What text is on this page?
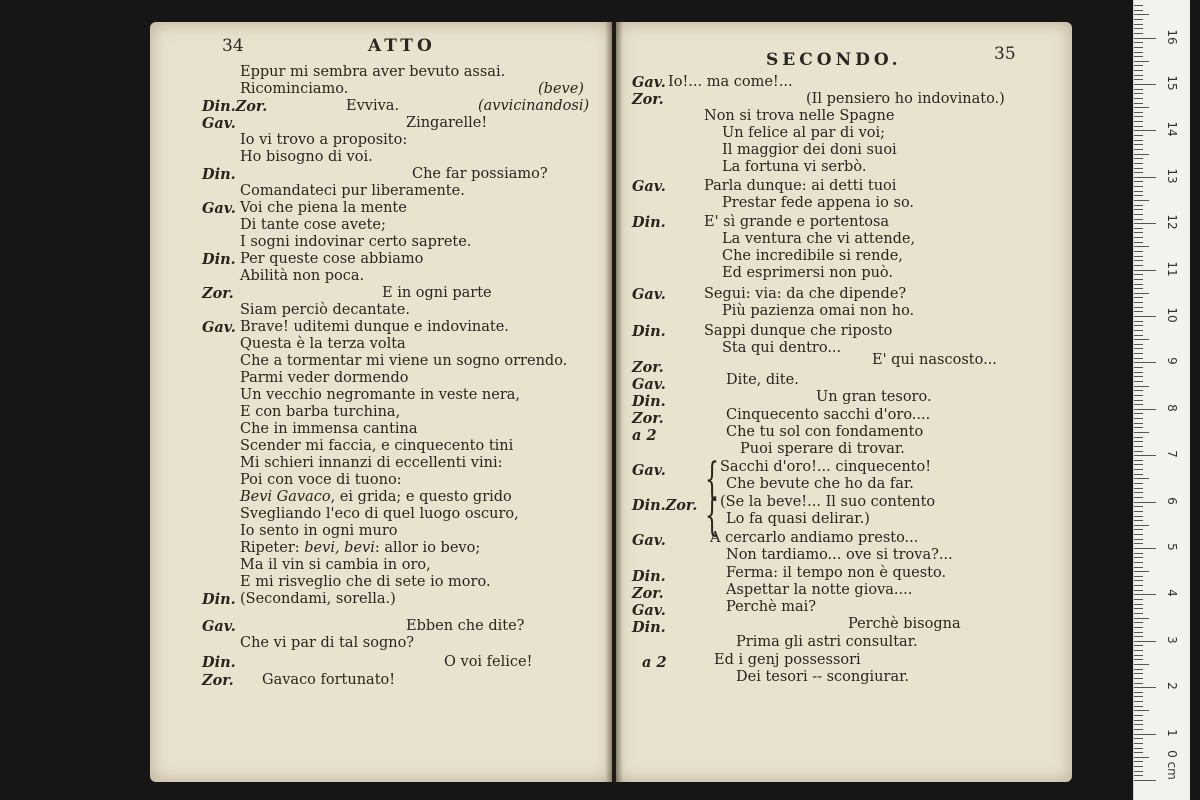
34	ATTO
Eppur mi sembra aver bevuto assai.
Ricominciamo.	(beve)
Din.Zor.	Evviva.	(avvicinandosi)
Gav.	Zingarelle!
Io vi trovo a proposito:
Ho bisogno di voi.
Din.	Che far possiamo?
Comandateci pur liberamente.
Gav. Voi che piena la mente
Di tante cose avete;
I sogni indovinar certo saprete.
Din. Per queste cose abbiamo
Abilità non poca.
Zor.	E in ogni parte
Siam perciò decantate.
Gav. Brave! uditemi dunque e indovinate.
Questa è la terza volta
Che a tormentar mi viene un sogno orrendo.
Parmi veder dormendo
Un vecchio negromante in veste nera,
E con barba turchina,
Che in immensa cantina
Scender mi faccia, e cinquecento tini
Mi schieri innanzi di eccellenti vini:
Poi con voce di tuono:
Bevi Gavaco, ei grida; e questo grido
Svegliando l'eco di quel luogo oscuro,
Io sento in ogni muro
Ripeter: bevi, bevi: allor io bevo;
Ma il vin si cambia in oro,
E mi risveglio che di sete io moro.
Din. (Secondami, sorella.)
Gav.	Ebben che dite?
Che vi par di tal sogno?
Din.	O voi felice!
Zor. Gavaco fortunato!
SECONDO.	35
Gav. Io!... ma come!...
Zor.	(Il pensiero ho indovinato.)
Non si trova nelle Spagne
Un felice al par di voi;
Il maggior dei doni suoi
La fortuna vi serbò.
Gav.	Parla dunque: ai detti tuoi
Prestar fede appena io so.
Din.	E' sì grande e portentosa
La ventura che vi attende,
Che incredibile si rende,
Ed esprimersi non può.
Gav.	Segui: via: da che dipende?
Più pazienza omai non ho.
Din.	Sappi dunque che riposto
Sta qui dentro...
Zor.	E' qui nascosto...
Gav.	Dite, dite.
Din.	Un gran tesoro.
Zor.	Cinquecento sacchi d'oro....
a 2	Che tu sol con fondamento
Puoi sperare di trovar.
{
Gav.	Sacchi d'oro!... cinquecento!
Che bevute che ho da far.
{
Din.Zor. (Se la beve!... Il suo contento
Lo fa quasi delirar.)
Gav.	A cercarlo andiamo presto...
Non tardiamo... ove si trova?...
Din.	Ferma: il tempo non è questo.
Zor.	Aspettar la notte giova....
Gav.	Perchè mai?
Din.	Perchè bisogna
Prima gli astri consultar.
a 2	Ed i genj possessori
Dei tesori -- scongiurar.
0 cm
1
2
3
4
5
6
7
8
9
10
11
12
13
14
15
16
